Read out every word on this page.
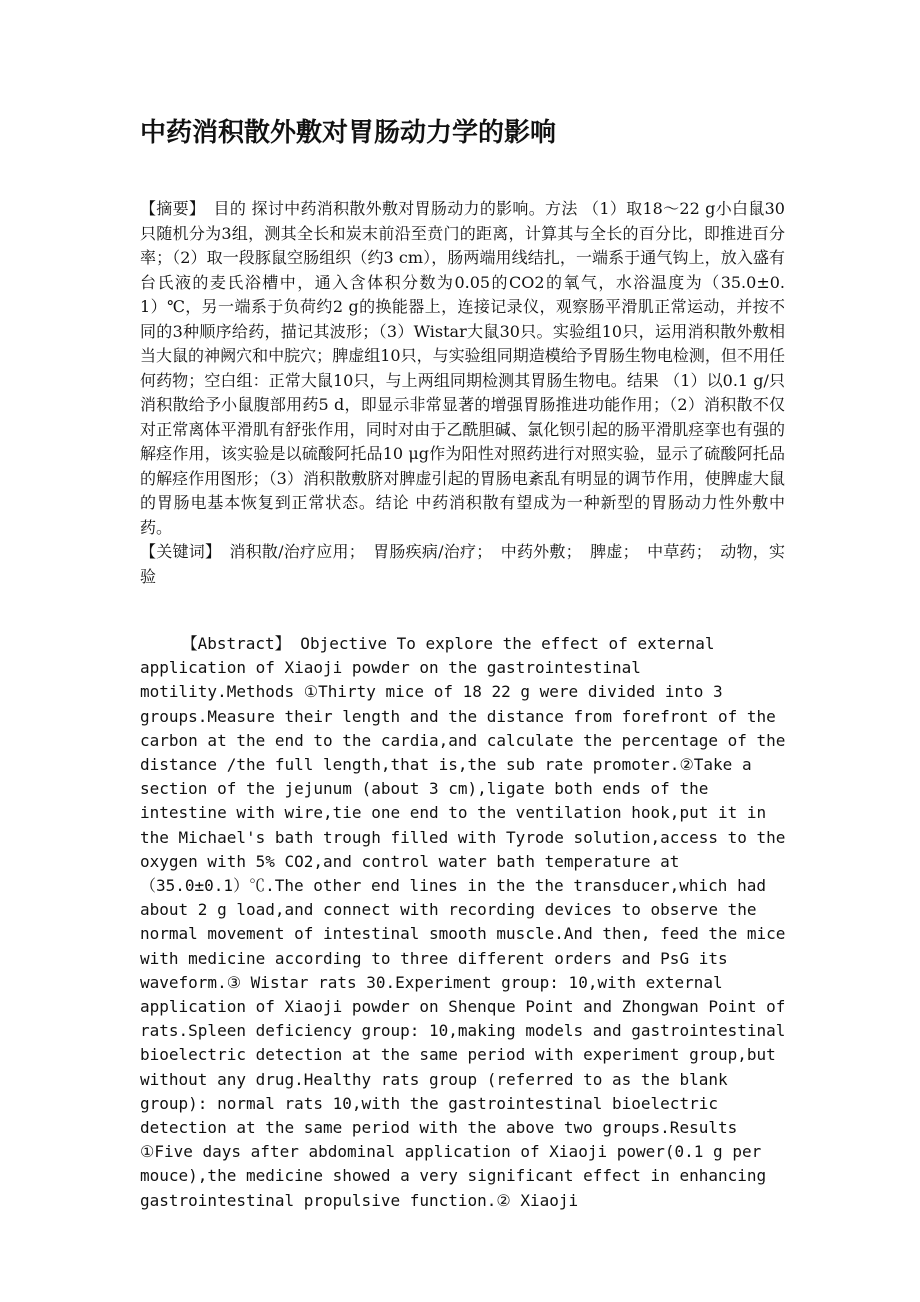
中药消积散外敷对胃肠动力学的影响

【摘要】　目的 探讨中药消积散外敷对胃肠动力的影响。方法 （1）取18～22 g小白鼠30只随机分为3组，测其全长和炭末前沿至贲门的距离，计算其与全长的百分比，即推进百分率；（2）取一段豚鼠空肠组织（约3 cm），肠两端用线结扎，一端系于通气钩上，放入盛有台氏液的麦氏浴槽中，通入含体积分数为0.05的CO2的氧气，水浴温度为（35.0±0.1）℃，另一端系于负荷约2 g的换能器上，连接记录仪，观察肠平滑肌正常运动，并按不同的3种顺序给药，描记其波形；（3）Wistar大鼠30只。实验组10只，运用消积散外敷相当大鼠的神阙穴和中脘穴；脾虚组10只，与实验组同期造模给予胃肠生物电检测，但不用任何药物；空白组：正常大鼠10只，与上两组同期检测其胃肠生物电。结果 （1）以0.1 g/只消积散给予小鼠腹部用药5 d，即显示非常显著的增强胃肠推进功能作用；（2）消积散不仅对正常离体平滑肌有舒张作用，同时对由于乙酰胆碱、氯化钡引起的肠平滑肌痉挛也有强的解痉作用，该实验是以硫酸阿托品10 μg作为阳性对照药进行对照实验，显示了硫酸阿托品的解痉作用图形；（3）消积散敷脐对脾虚引起的胃肠电紊乱有明显的调节作用，使脾虚大鼠的胃肠电基本恢复到正常状态。结论 中药消积散有望成为一种新型的胃肠动力性外敷中药。

【关键词】　消积散/治疗应用；　胃肠疾病/治疗；　中药外敷；　脾虚；　中草药；　动物，实验

【Abstract】 Objective To explore the effect of external application of Xiaoji powder on the gastrointestinal motility.Methods ①Thirty mice of 18 22 g were divided into 3 groups.Measure their length and the distance from forefront of the carbon at the end to the cardia,and calculate the percentage of the distance /the full length,that is,the sub rate promoter.②Take a section of the jejunum (about 3 cm),ligate both ends of the intestine with wire,tie one end to the ventilation hook,put it in the Michael's bath trough filled with Tyrode solution,access to the oxygen with 5% CO2,and control water bath temperature at （35.0±0.1）℃.The other end lines in the the transducer,which had about 2 g load,and connect with recording devices to observe the normal movement of intestinal smooth muscle.And then, feed the mice with medicine according to three different orders and PsG its waveform.③ Wistar rats 30.Experiment group: 10,with external application of Xiaoji powder on Shenque Point and Zhongwan Point of rats.Spleen deficiency group: 10,making models and gastrointestinal bioelectric detection at the same period with experiment group,but without any drug.Healthy rats group (referred to as the blank group): normal rats 10,with the gastrointestinal bioelectric detection at the same period with the above two groups.Results ①Five days after abdominal application of Xiaoji power(0.1 g per mouce),the medicine showed a very significant effect in enhancing gastrointestinal propulsive function.② Xiaoji
